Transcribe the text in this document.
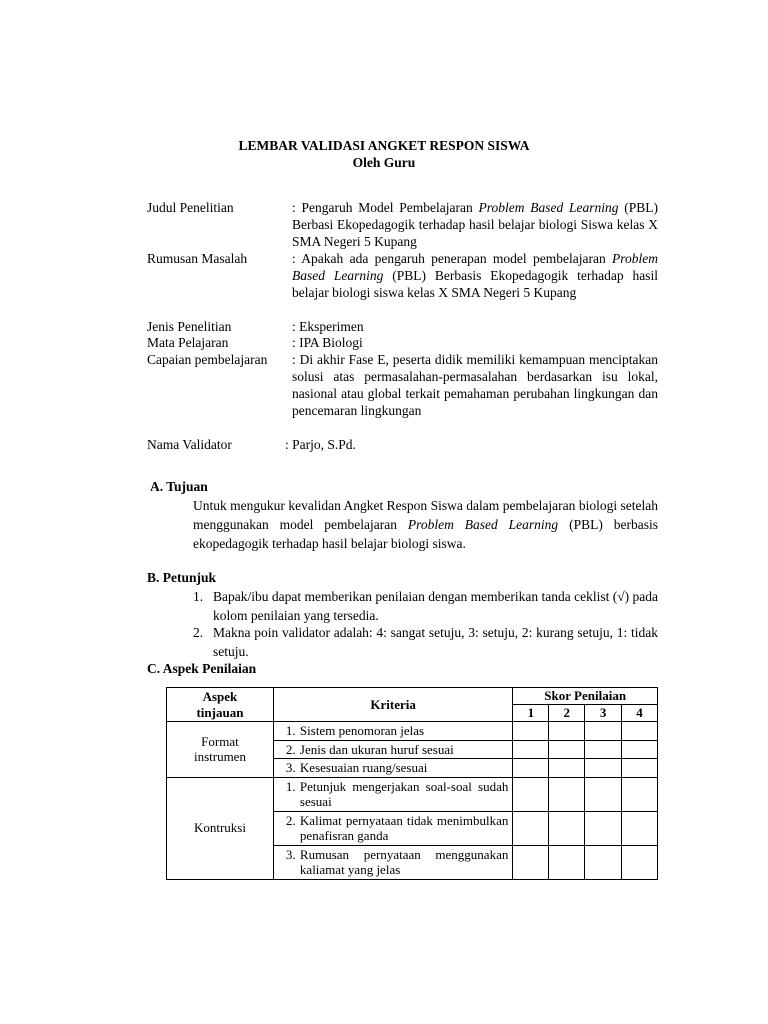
LEMBAR VALIDASI ANGKET RESPON SISWA
Oleh Guru
Judul Penelitian	: Pengaruh Model Pembelajaran Problem Based Learning (PBL) Berbasi Ekopedagogik terhadap hasil belajar biologi Siswa kelas X SMA Negeri 5 Kupang
Rumusan Masalah	: Apakah ada pengaruh penerapan model pembelajaran Problem Based Learning (PBL) Berbasis Ekopedagogik terhadap hasil belajar biologi siswa kelas X SMA Negeri 5 Kupang
Jenis Penelitian	: Eksperimen
Mata Pelajaran	: IPA Biologi
Capaian pembelajaran : Di akhir Fase E, peserta didik memiliki kemampuan menciptakan solusi atas permasalahan-permasalahan berdasarkan isu lokal, nasional atau global terkait pemahaman perubahan lingkungan dan pencemaran lingkungan
Nama Validator	: Parjo, S.Pd.
A. Tujuan
Untuk mengukur kevalidan Angket Respon Siswa dalam pembelajaran biologi setelah menggunakan model pembelajaran Problem Based Learning (PBL) berbasis ekopedagogik terhadap hasil belajar biologi siswa.
B. Petunjuk
1. Bapak/ibu dapat memberikan penilaian dengan memberikan tanda ceklist (√) pada kolom penilaian yang tersedia.
2. Makna poin validator adalah: 4: sangat setuju, 3: setuju, 2: kurang setuju, 1: tidak setuju.
C. Aspek Penilaian
Aspek tinjauan	Kriteria	Skor Penilaian			
		1	2	3	4
Format instrumen	1. Sistem penomoran jelas				

	2. Jenis dan ukuran huruf sesuai				

	3. Kesesuaian ruang/sesuai				
Kontruksi	1. Petunjuk mengerjakan soal-soal sudah sesuai				

	2. Kalimat pernyataan tidak menimbulkan penafisran ganda				

	3. Rumusan pernyataan menggunakan kaliamat yang jelas				
